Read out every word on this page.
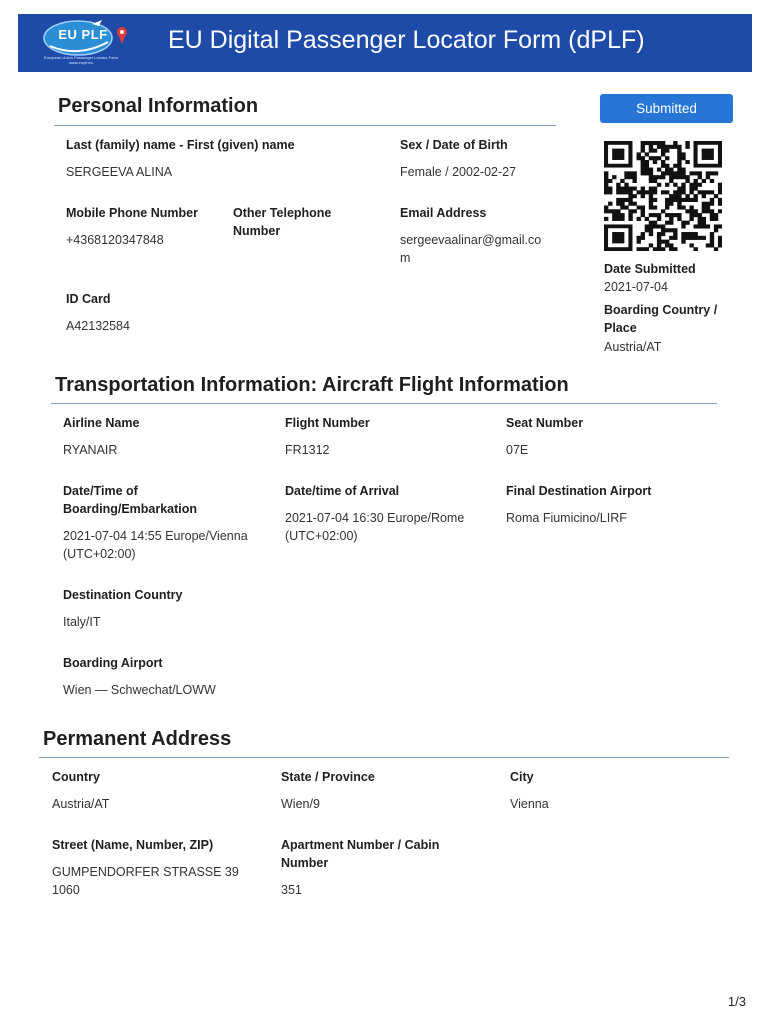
EU PLF
European Union Passenger Locator Form www.euplf.eu
EU Digital Passenger Locator Form (dPLF)
Personal Information	Submitted
Last (family) name - First (given) name
SERGEEVA ALINA
Sex / Date of Birth
Female / 2002-02-27
Mobile Phone Number
+4368120347848
Other Telephone Number
Email Address
sergeevaalinar@gmail.com
ID Card
A42132584
Date Submitted
2021-07-04
Boarding Country / Place
Austria/AT
Transportation Information: Aircraft Flight Information
Airline Name
RYANAIR
Flight Number
FR1312
Seat Number
07E
Date/Time of Boarding/Embarkation
2021-07-04 14:55 Europe/Vienna (UTC+02:00)
Date/time of Arrival
2021-07-04 16:30 Europe/Rome (UTC+02:00)
Final Destination Airport
Roma Fiumicino/LIRF
Destination Country
Italy/IT
Boarding Airport
Wien — Schwechat/LOWW
Permanent Address
Country
Austria/AT
State / Province
Wien/9
City
Vienna
Street (Name, Number, ZIP)
GUMPENDORFER STRASSE 39 1060
Apartment Number / Cabin Number
351
1/3
